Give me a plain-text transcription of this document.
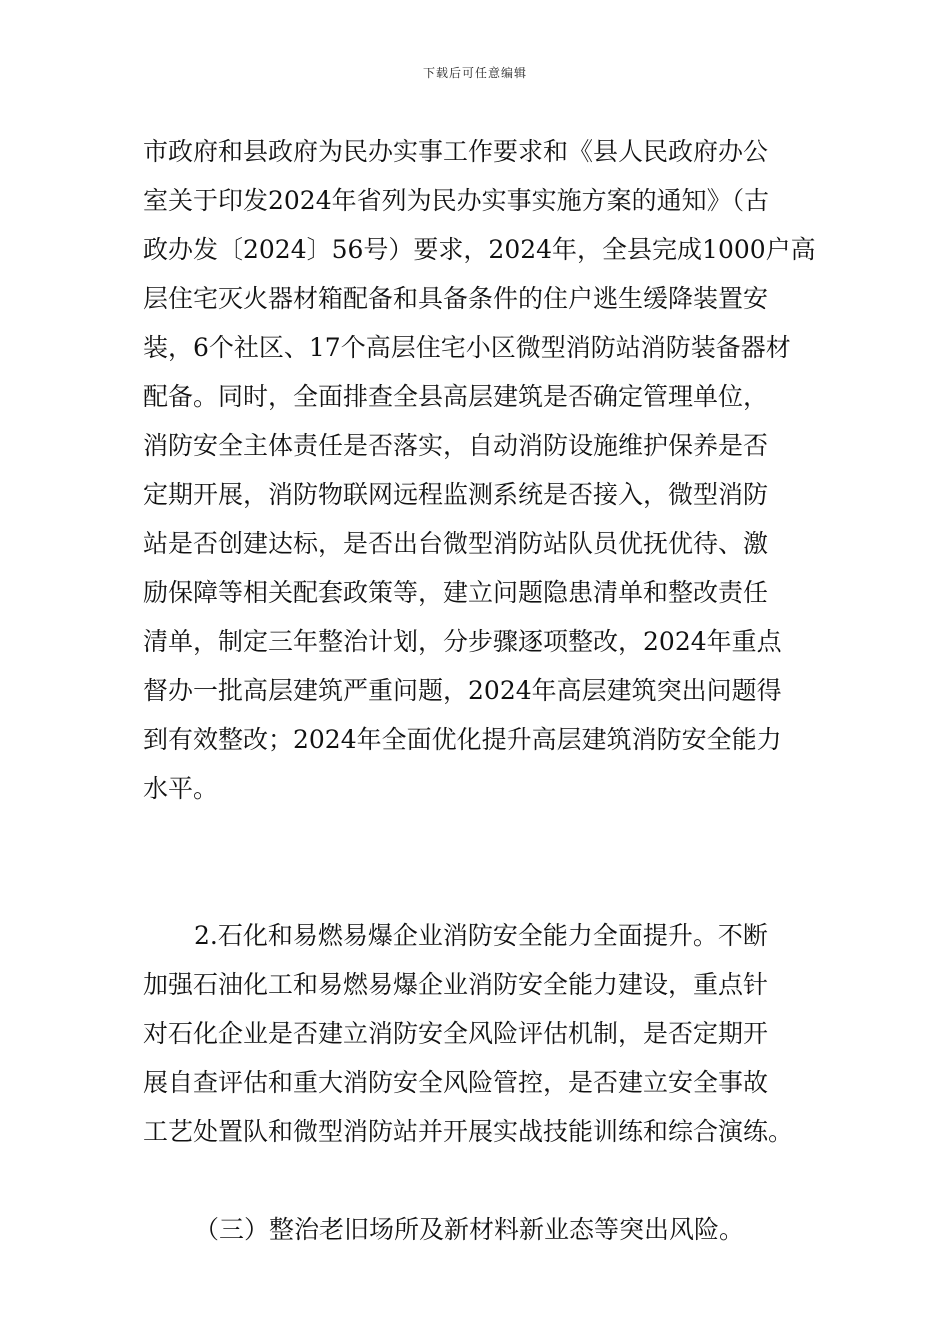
下载后可任意编辑
市政府和县政府为民办实事工作要求和《县人民政府办公
室关于印发2024年省列为民办实事实施方案的通知》（古
政办发〔2024〕56号）要求，2024年，全县完成1000户高
层住宅灭火器材箱配备和具备条件的住户逃生缓降装置安
装，6个社区、17个高层住宅小区微型消防站消防装备器材
配备。同时，全面排查全县高层建筑是否确定管理单位，
消防安全主体责任是否落实，自动消防设施维护保养是否
定期开展，消防物联网远程监测系统是否接入，微型消防
站是否创建达标，是否出台微型消防站队员优抚优待、激
励保障等相关配套政策等，建立问题隐患清单和整改责任
清单，制定三年整治计划，分步骤逐项整改，2024年重点
督办一批高层建筑严重问题，2024年高层建筑突出问题得
到有效整改；2024年全面优化提升高层建筑消防安全能力
水平。
2.石化和易燃易爆企业消防安全能力全面提升。不断
加强石油化工和易燃易爆企业消防安全能力建设，重点针
对石化企业是否建立消防安全风险评估机制，是否定期开
展自查评估和重大消防安全风险管控，是否建立安全事故
工艺处置队和微型消防站并开展实战技能训练和综合演练。
（三）整治老旧场所及新材料新业态等突出风险。
